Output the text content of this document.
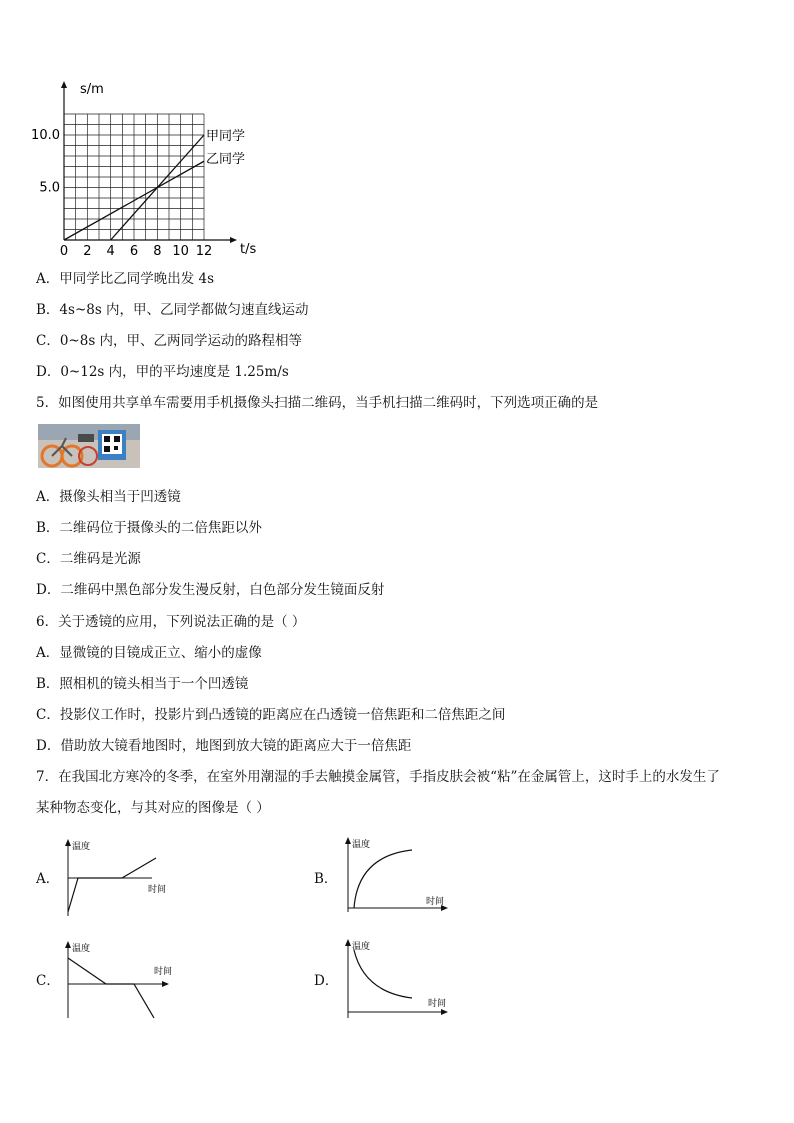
0 2 4 6 8 10 12
5.0
10.0
s/m
t/s
甲同学
乙同学
A．甲同学比乙同学晚出发 4s
B．4s~8s 内，甲、乙同学都做匀速直线运动
C．0~8s 内，甲、乙两同学运动的路程相等
D．0~12s 内，甲的平均速度是 1.25m/s
5．如图使用共享单车需要用手机摄像头扫描二维码，当手机扫描二维码时，下列选项正确的是
A．摄像头相当于凹透镜
B．二维码位于摄像头的二倍焦距以外
C．二维码是光源
D．二维码中黑色部分发生漫反射，白色部分发生镜面反射
6．关于透镜的应用，下列说法正确的是（ ）
A．显微镜的目镜成正立、缩小的虚像
B．照相机的镜头相当于一个凹透镜
C．投影仪工作时，投影片到凸透镜的距离应在凸透镜一倍焦距和二倍焦距之间
D．借助放大镜看地图时，地图到放大镜的距离应大于一倍焦距
7．在我国北方寒冷的冬季，在室外用潮湿的手去触摸金属管，手指皮肤会被“粘”在金属管上，这时手上的水发生了
某种物态变化，与其对应的图像是（ ）
A．
温度
时间
B．
温度
时间
C．
温度
时间
D．
温度
时间
